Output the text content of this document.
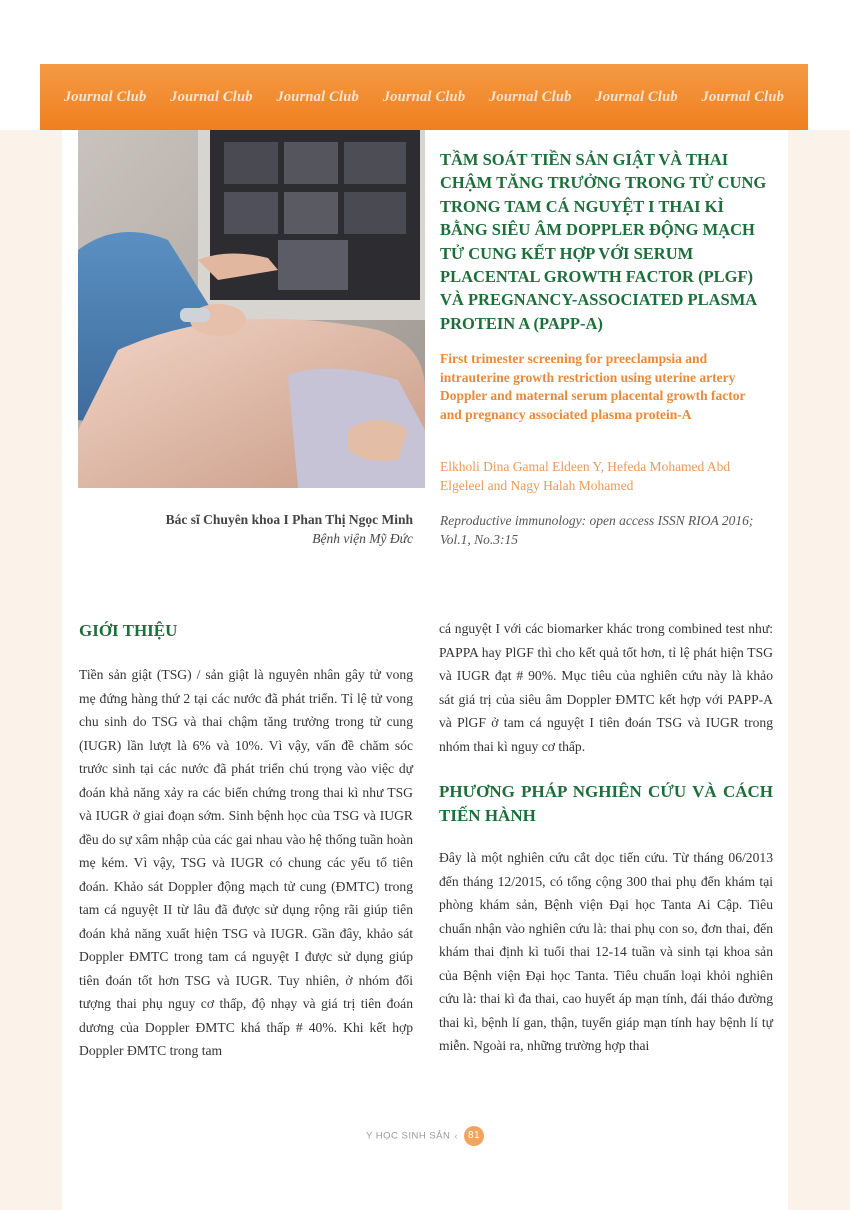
Journal Club Journal Club Journal Club Journal Club Journal Club Journal Club Journal Club
Bác sĩ Chuyên khoa I Phan Thị Ngọc Minh
Bệnh viện Mỹ Đức
TẦM SOÁT TIỀN SẢN GIẬT VÀ THAI CHẬM TĂNG TRƯỞNG TRONG TỬ CUNG TRONG TAM CÁ NGUYỆT I THAI KÌ BẰNG SIÊU ÂM DOPPLER ĐỘNG MẠCH TỬ CUNG KẾT HỢP VỚI SERUM PLACENTAL GROWTH FACTOR (PLGF) VÀ PREGNANCY-ASSOCIATED PLASMA PROTEIN A (PAPP-A)
First trimester screening for preeclampsia and intrauterine growth restriction using uterine artery Doppler and maternal serum placental growth factor and pregnancy associated plasma protein-A
Elkholi Dina Gamal Eldeen Y, Hefeda Mohamed Abd Elgeleel and Nagy Halah Mohamed
Reproductive immunology: open access ISSN RIOA 2016; Vol.1, No.3:15
GIỚI THIỆU

Tiền sản giật (TSG) / sản giật là nguyên nhân gây tử vong mẹ đứng hàng thứ 2 tại các nước đã phát triển. Tỉ lệ tử vong chu sinh do TSG và thai chậm tăng trưởng trong tử cung (IUGR) lần lượt là 6% và 10%. Vì vậy, vấn đề chăm sóc trước sinh tại các nước đã phát triển chú trọng vào việc dự đoán khả năng xảy ra các biến chứng trong thai kì như TSG và IUGR ở giai đoạn sớm. Sinh bệnh học của TSG và IUGR đều do sự xâm nhập của các gai nhau vào hệ thống tuần hoàn mẹ kém. Vì vậy, TSG và IUGR có chung các yếu tố tiên đoán. Khảo sát Doppler động mạch tử cung (ĐMTC) trong tam cá nguyệt II từ lâu đã được sử dụng rộng rãi giúp tiên đoán khả năng xuất hiện TSG và IUGR. Gần đây, khảo sát Doppler ĐMTC trong tam cá nguyệt I được sử dụng giúp tiên đoán tốt hơn TSG và IUGR. Tuy nhiên, ở nhóm đối tượng thai phụ nguy cơ thấp, độ nhạy và giá trị tiên đoán dương của Doppler ĐMTC khá thấp # 40%. Khi kết hợp Doppler ĐMTC trong tam

cá nguyệt I với các biomarker khác trong combined test như: PAPPA hay PlGF thì cho kết quả tốt hơn, tỉ lệ phát hiện TSG và IUGR đạt # 90%. Mục tiêu của nghiên cứu này là khảo sát giá trị của siêu âm Doppler ĐMTC kết hợp với PAPP-A và PlGF ở tam cá nguyệt I tiên đoán TSG và IUGR trong nhóm thai kì nguy cơ thấp.

PHƯƠNG PHÁP NGHIÊN CỨU VÀ CÁCH TIẾN HÀNH

Đây là một nghiên cứu cắt dọc tiến cứu. Từ tháng 06/2013 đến tháng 12/2015, có tổng cộng 300 thai phụ đến khám tại phòng khám sản, Bệnh viện Đại học Tanta Ai Cập. Tiêu chuẩn nhận vào nghiên cứu là: thai phụ con so, đơn thai, đến khám thai định kì tuổi thai 12-14 tuần và sinh tại khoa sản của Bệnh viện Đại học Tanta. Tiêu chuẩn loại khỏi nghiên cứu là: thai kì đa thai, cao huyết áp mạn tính, đái tháo đường thai kì, bệnh lí gan, thận, tuyến giáp mạn tính hay bệnh lí tự miễn. Ngoài ra, những trường hợp thai

Y HỌC SINH SẢN ‹ 81
